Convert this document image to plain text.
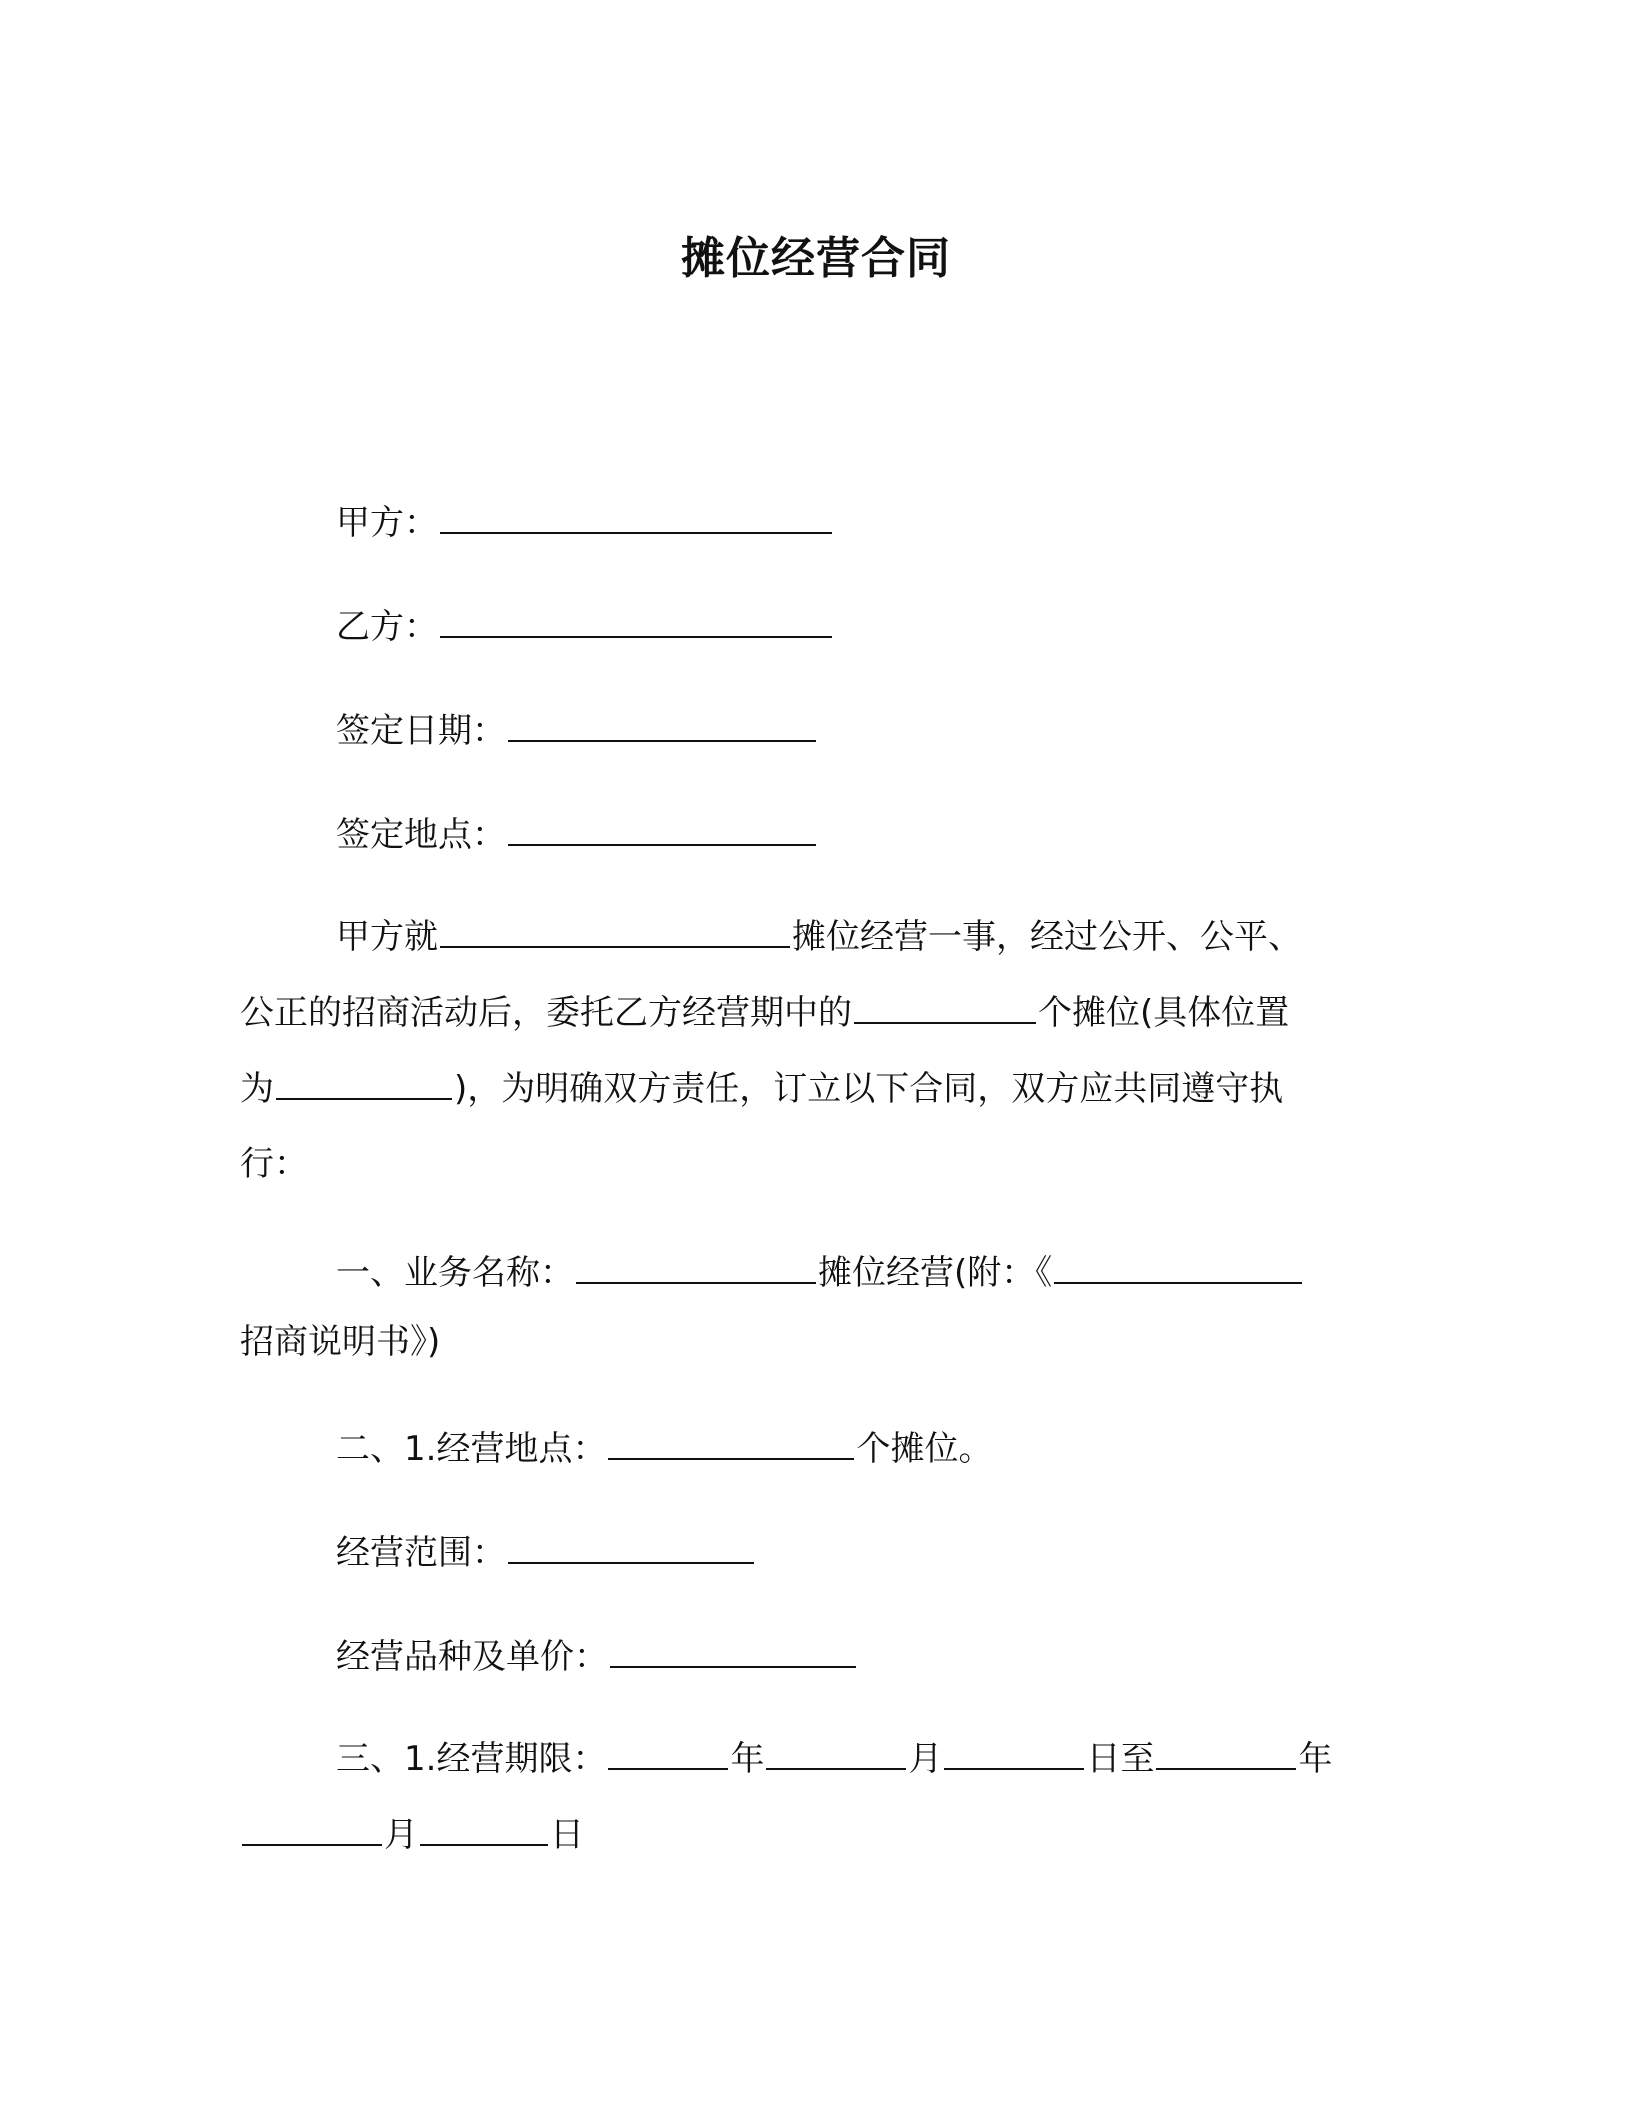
摊位经营合同
甲方：
乙方：
签定日期：
签定地点：
甲方就	摊位经营一事，经过公开、公平、
公正的招商活动后，委托乙方经营期中的	个摊位(具体位置
为	)，为明确双方责任，订立以下合同，双方应共同遵守执
行：
一、业务名称：	摊位经营(附：《
招商说明书》)
二、1.经营地点：	个摊位。
经营范围：
经营品种及单价：
三、1.经营期限：	年	月	日至	年
月	日
